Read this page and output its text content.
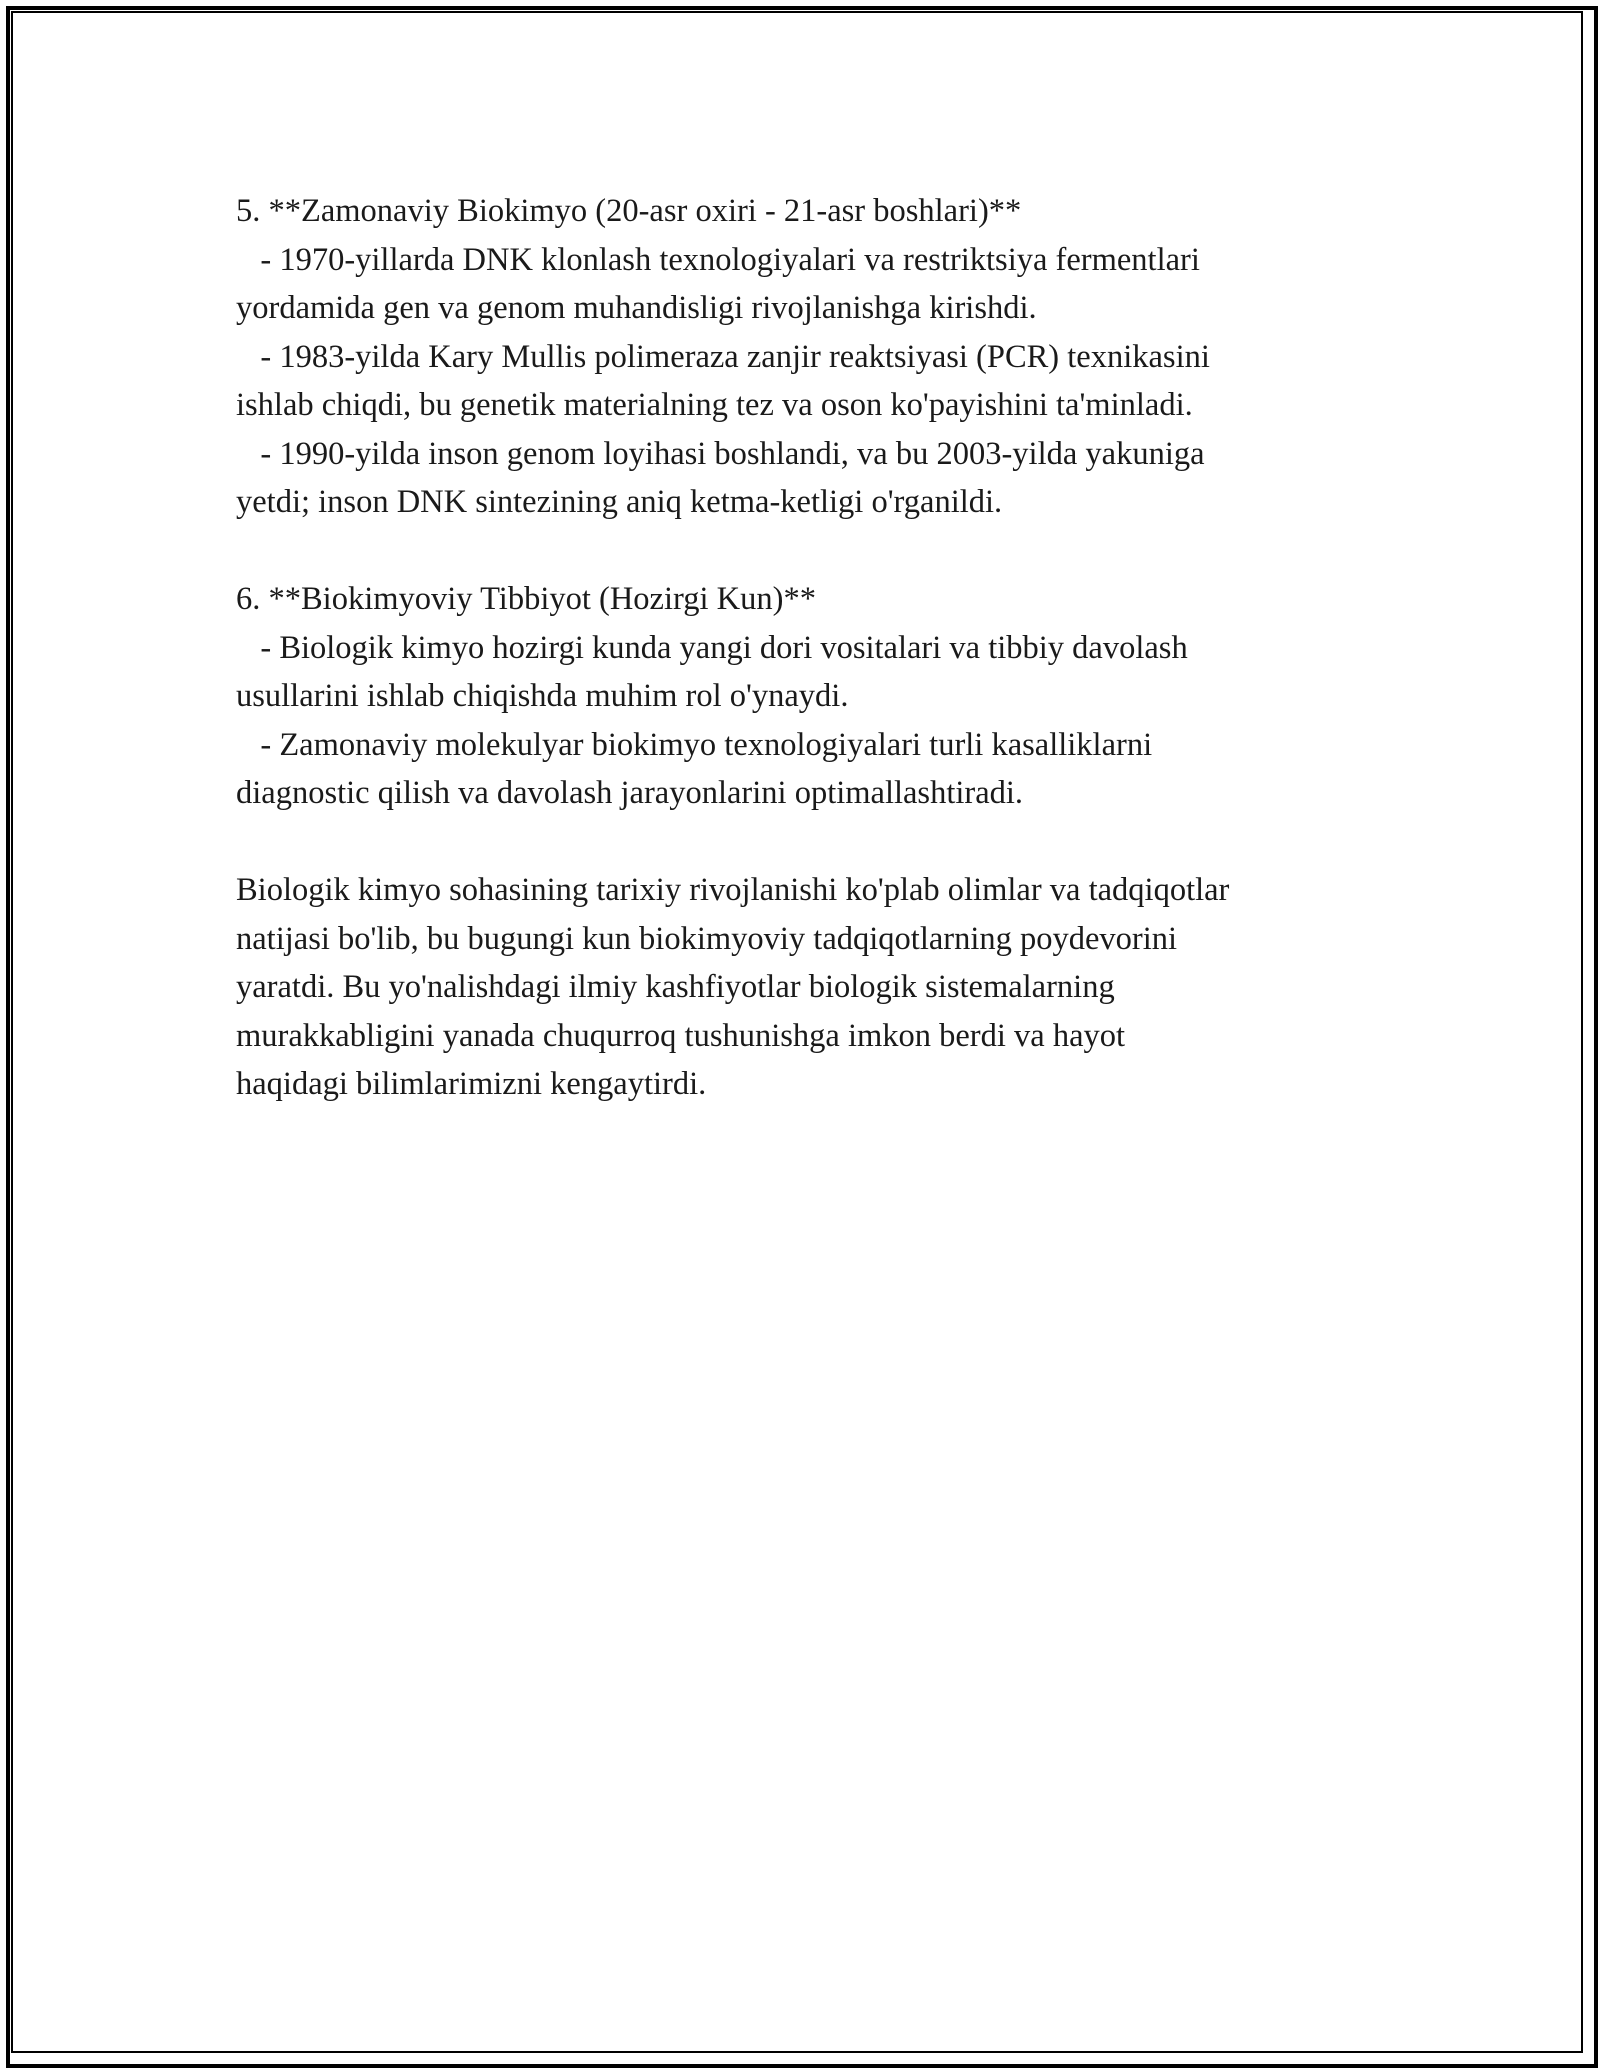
5. **Zamonaviy Biokimyo (20-asr oxiri - 21-asr boshlari)**
- 1970-yillarda DNK klonlash texnologiyalari va restriktsiya fermentlari
yordamida gen va genom muhandisligi rivojlanishga kirishdi.
- 1983-yilda Kary Mullis polimeraza zanjir reaktsiyasi (PCR) texnikasini
ishlab chiqdi, bu genetik materialning tez va oson ko'payishini ta'minladi.
- 1990-yilda inson genom loyihasi boshlandi, va bu 2003-yilda yakuniga
yetdi; inson DNK sintezining aniq ketma-ketligi o'rganildi.
6. **Biokimyoviy Tibbiyot (Hozirgi Kun)**
- Biologik kimyo hozirgi kunda yangi dori vositalari va tibbiy davolash
usullarini ishlab chiqishda muhim rol o'ynaydi.
- Zamonaviy molekulyar biokimyo texnologiyalari turli kasalliklarni
diagnostic qilish va davolash jarayonlarini optimallashtiradi.
Biologik kimyo sohasining tarixiy rivojlanishi ko'plab olimlar va tadqiqotlar
natijasi bo'lib, bu bugungi kun biokimyoviy tadqiqotlarning poydevorini
yaratdi. Bu yo'nalishdagi ilmiy kashfiyotlar biologik sistemalarning
murakkabligini yanada chuqurroq tushunishga imkon berdi va hayot
haqidagi bilimlarimizni kengaytirdi.
